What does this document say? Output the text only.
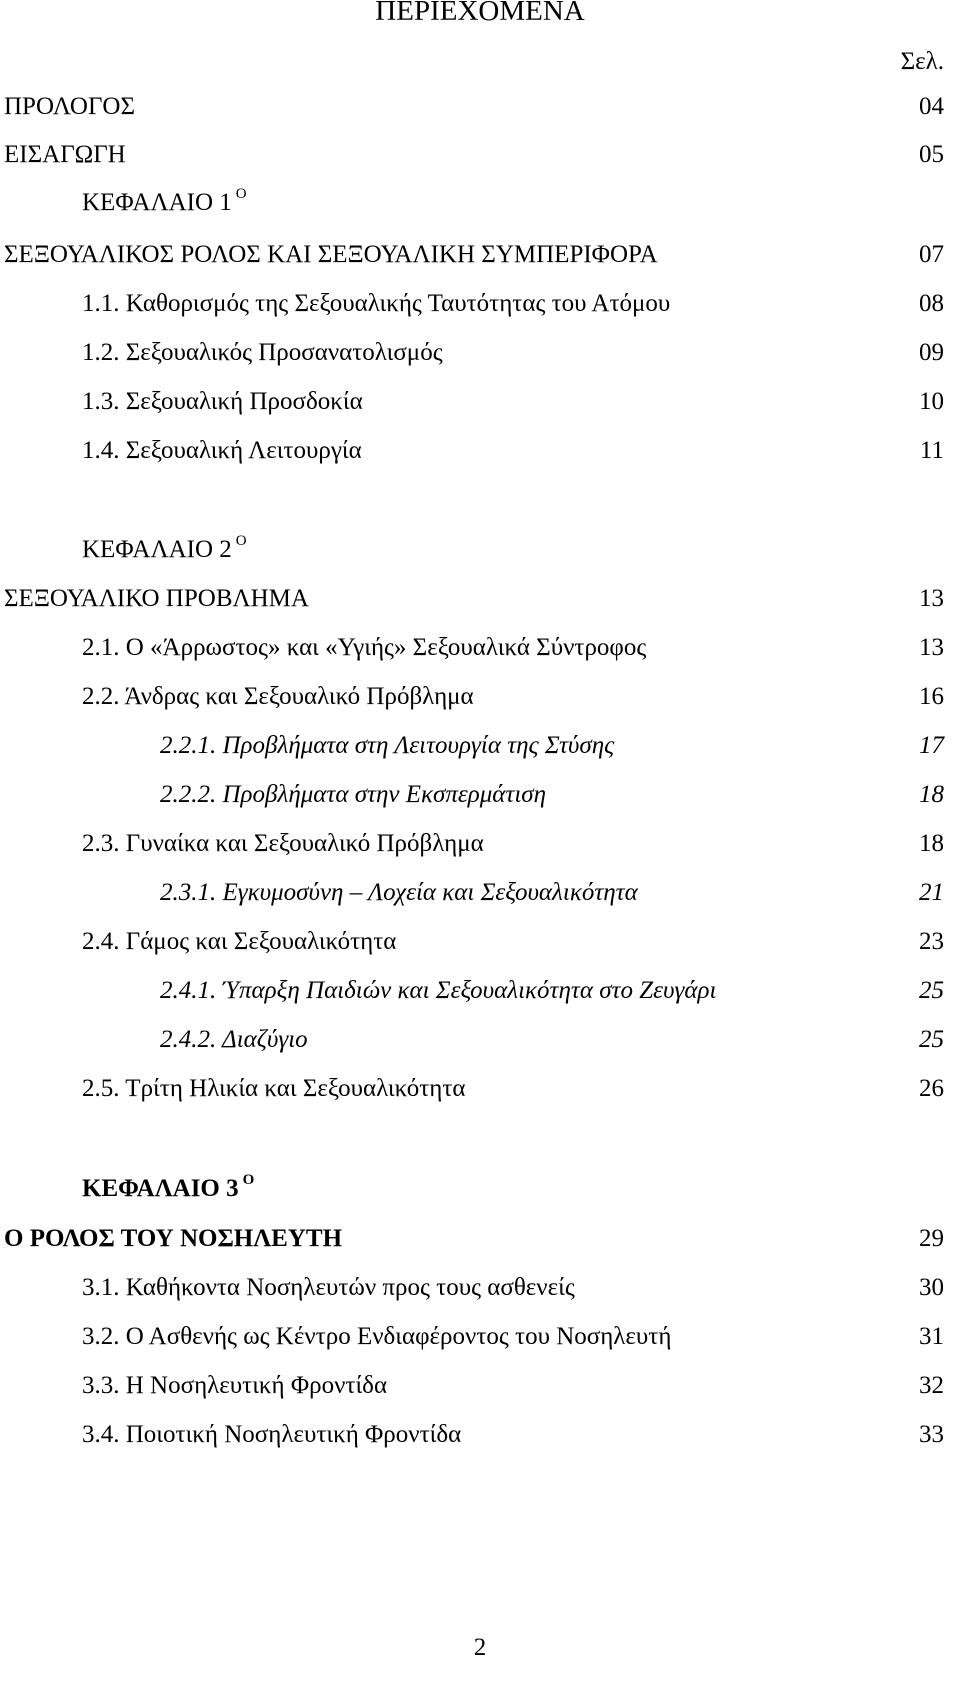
ΠΕΡΙΕΧΟΜΕΝΑ
Σελ.
ΠΡΟΛΟΓΟΣ	04
ΕΙΣΑΓΩΓΗ	05
ΚΕΦΑΛΑΙΟ 1 $^O$
ΣΕΞΟΥΑΛΙΚΟΣ ΡΟΛΟΣ ΚΑΙ ΣΕΞΟΥΑΛΙΚΗ ΣΥΜΠΕΡΙΦΟΡΑ	07
1.1. Καθορισμός της Σεξουαλικής Ταυτότητας του Ατόμου	08
1.2. Σεξουαλικός Προσανατολισμός	09
1.3. Σεξουαλική Προσδοκία	10
1.4. Σεξουαλική Λειτουργία	11
ΚΕΦΑΛΑΙΟ 2 $^O$
ΣΕΞΟΥΑΛΙΚΟ ΠΡΟΒΛΗΜΑ	13
2.1. Ο «Άρρωστος» και «Υγιής» Σεξουαλικά Σύντροφος	13
2.2. Άνδρας και Σεξουαλικό Πρόβλημα	16
2.2.1. Προβλήματα στη Λειτουργία της Στύσης	17
2.2.2. Προβλήματα στην Εκσπερμάτιση	18
2.3. Γυναίκα και Σεξουαλικό Πρόβλημα	18
2.3.1. Εγκυμοσύνη – Λοχεία και Σεξουαλικότητα	21
2.4. Γάμος και Σεξουαλικότητα	23
2.4.1. Ύπαρξη Παιδιών και Σεξουαλικότητα στο Ζευγάρι	25
2.4.2. Διαζύγιο	25
2.5. Τρίτη Ηλικία και Σεξουαλικότητα	26
ΚΕΦΑΛΑΙΟ 3 $^O$
Ο ΡΟΛΟΣ ΤΟΥ ΝΟΣΗΛΕΥΤΗ	29
3.1. Καθήκοντα Νοσηλευτών προς τους ασθενείς	30
3.2. Ο Ασθενής ως Κέντρο Ενδιαφέροντος του Νοσηλευτή	31
3.3. Η Νοσηλευτική Φροντίδα	32
3.4. Ποιοτική Νοσηλευτική Φροντίδα	33
2
